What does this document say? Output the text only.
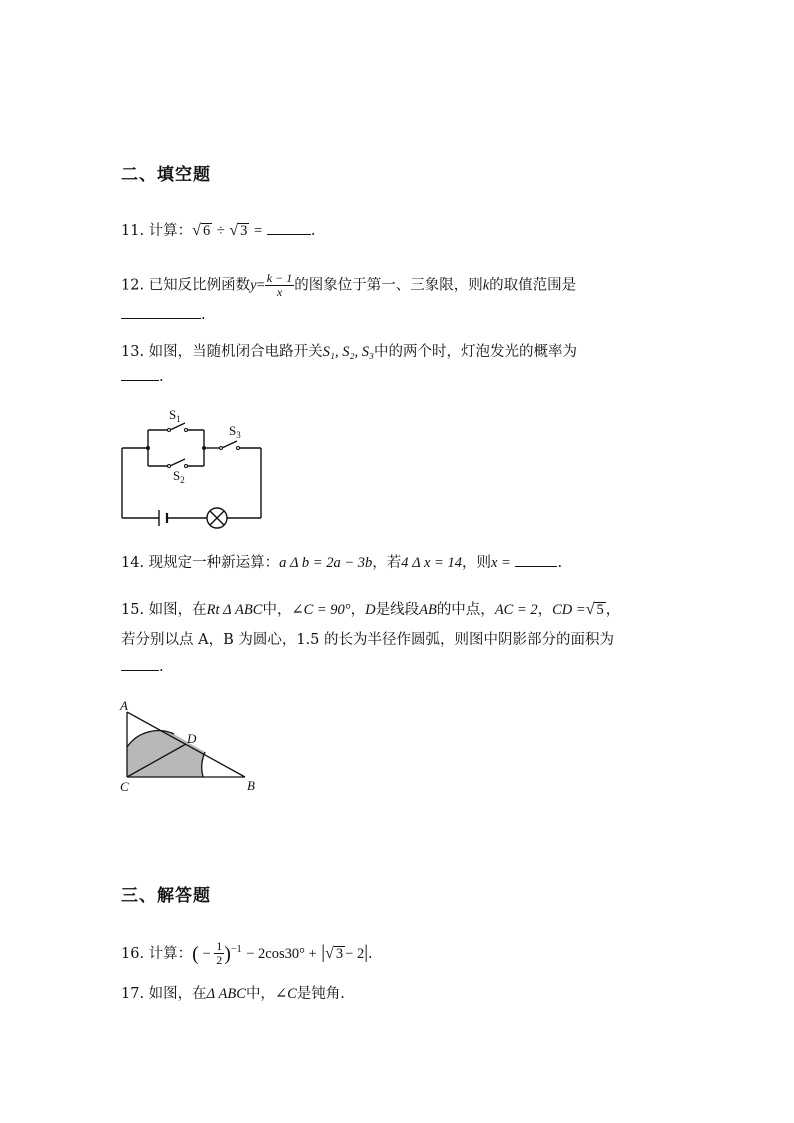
二、填空题
11. 计算：√ 6 ÷ √ 3 =	.
12. 已知反比例函数$y= \frac{k - 1}{x}$ 的图象位于第一、三象限，则k的取值范围是
.
13. 如图，当随机闭合电路开关S₁, S₂, S₃中的两个时，灯泡发光的概率为
.
$S_1$
$S_2$
$S_3$
14. 现规定一种新运算：a Δ b = 2a − 3b，若4 Δ x = 14，则x =	.
15. 如图，在Rt Δ ABC中，∠C = 90°，D是线段AB的中点，AC = 2，CD =√ 5 ，
若分别以点 A，B 为圆心，1.5 的长为半径作圆弧，则图中阴影部分的面积为
.
A
B
C
D
三、解答题
16. 计算：( − $\frac{1}{2} )^{-1} - 2\cos 30^\circ$ + |√ 3 − 2|.
17. 如图，在Δ ABC中，∠C是钝角.
